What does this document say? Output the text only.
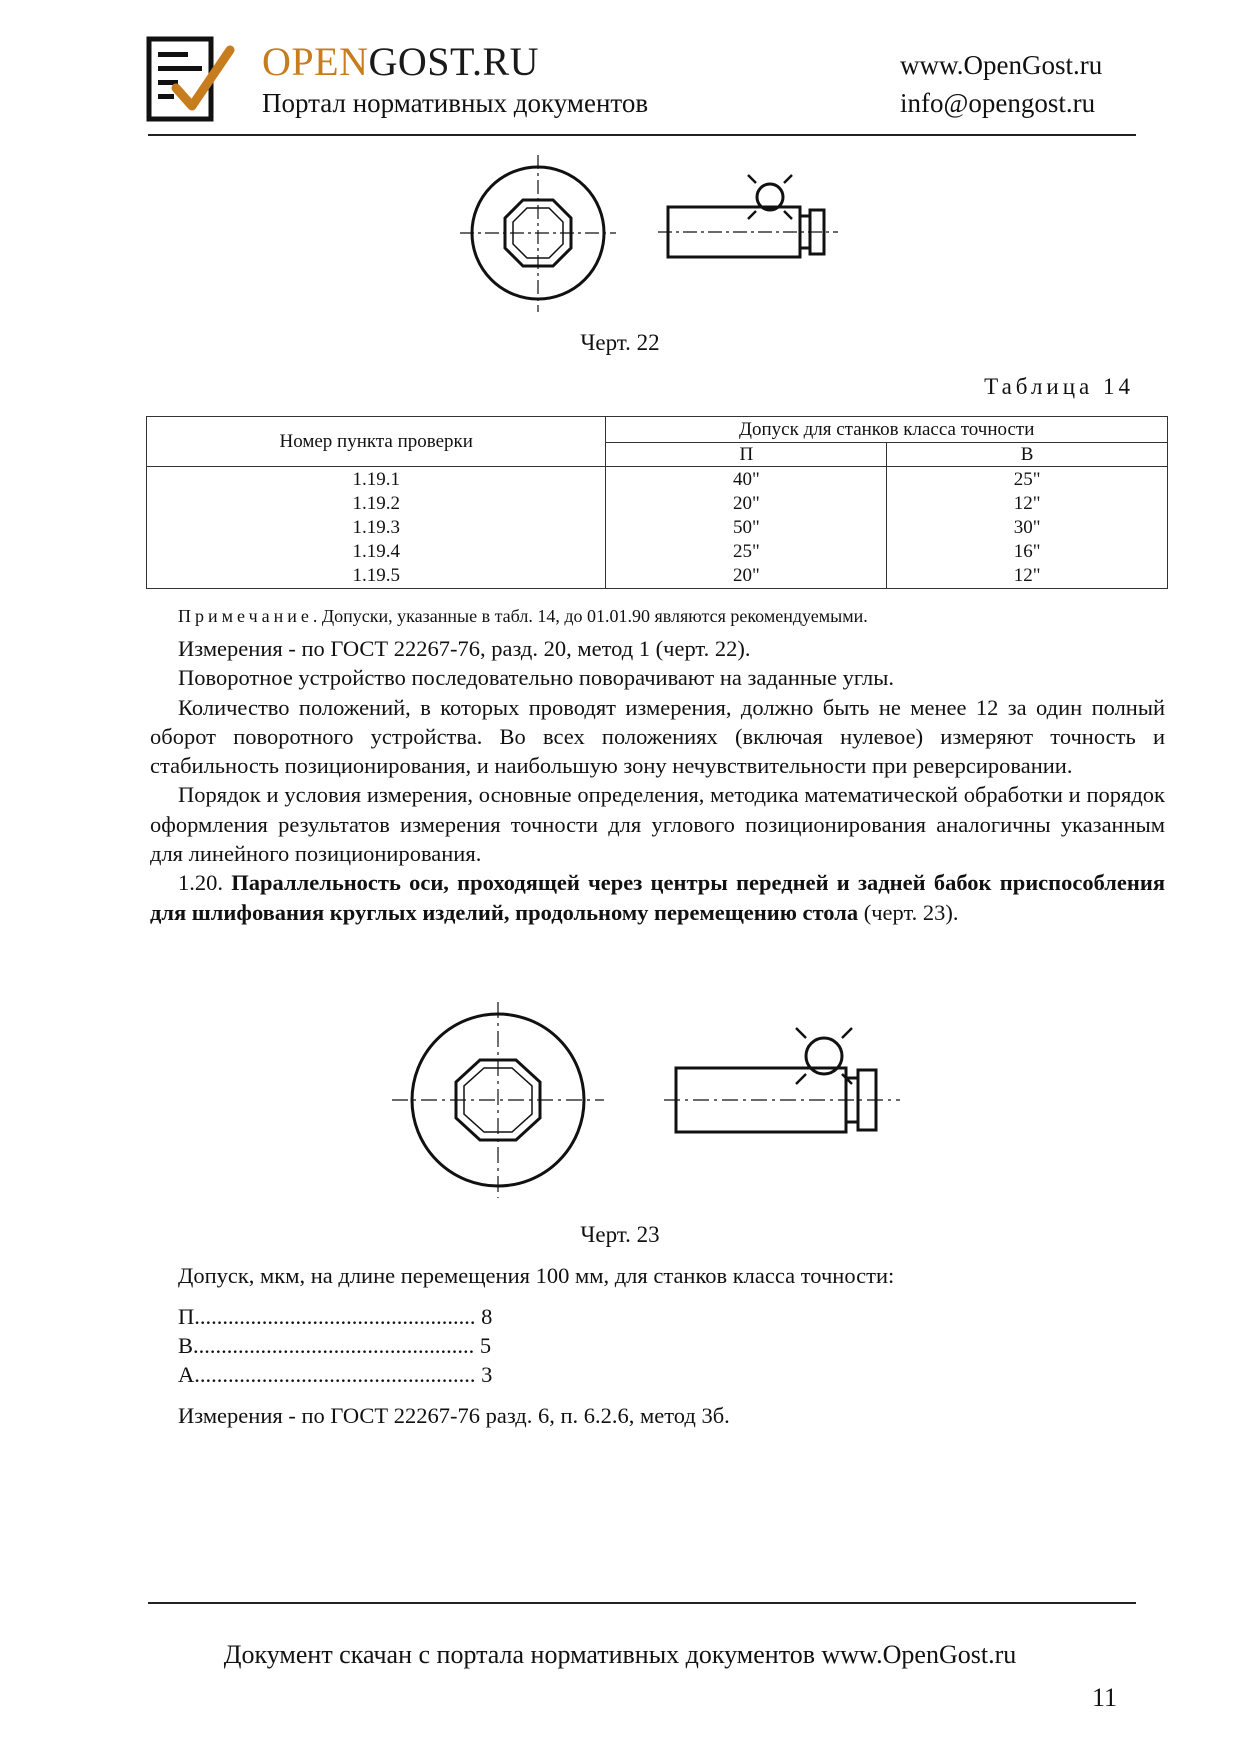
OPENGOST.RU
Портал нормативных документов
www.OpenGost.ru
info@opengost.ru
Черт. 22
Таблица 14
Номер пункта проверки	Допуск для станков класса точности	
	П	В
1.19.1	40"	25"
1.19.2	20"	12"
1.19.3	50"	30"
1.19.4	25"	16"
1.19.5	20"	12"
Примечание. Допуски, указанные в табл. 14, до 01.01.90 являются рекомендуемыми.

Измерения - по ГОСТ 22267-76, разд. 20, метод 1 (черт. 22).

Поворотное устройство последовательно поворачивают на заданные углы.

Количество положений, в которых проводят измерения, должно быть не менее 12 за один полный оборот поворотного устройства. Во всех положениях (включая нулевое) измеряют точность и стабильность позиционирования, и наибольшую зону нечувствительности при реверсировании.

Порядок и условия измерения, основные определения, методика математической обработки и порядок оформления результатов измерения точности для углового позиционирования аналогичны указанным для линейного позиционирования.

1.20. Параллельность оси, проходящей через центры передней и задней бабок приспособления для шлифования круглых изделий, продольному перемещению стола (черт. 23).

Черт. 23
Допуск, мкм, на длине перемещения 100 мм, для станков класса точности:
П.................................................. 8
В.................................................. 5
А.................................................. 3
Измерения - по ГОСТ 22267-76 разд. 6, п. 6.2.6, метод 3б.
Документ скачан с портала нормативных документов www.OpenGost.ru
11
